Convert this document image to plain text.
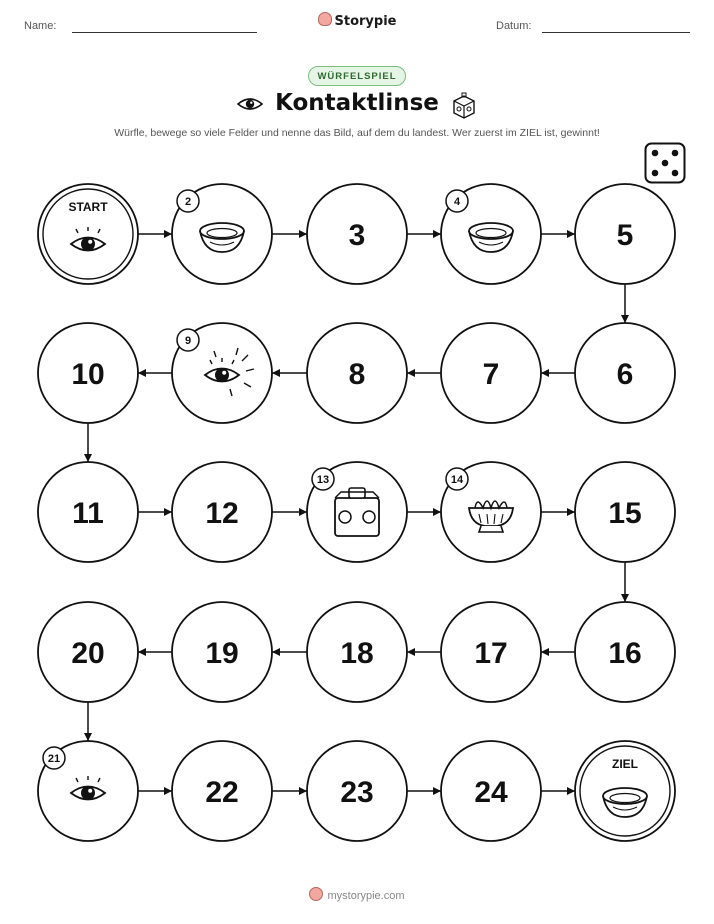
Name:	Storypie	Datum:
WÜRFELSPIEL
Kontaktlinse
Würfle, bewege so viele Felder und nenne das Bild, auf dem du landest. Wer zuerst im ZIEL ist, gewinnt!
START	2
3
4
5
6
7
8
9
10
11	12
13	14
15
16
17
18
19
20
21
22	23	24
ZIEL
mystorypie.com
